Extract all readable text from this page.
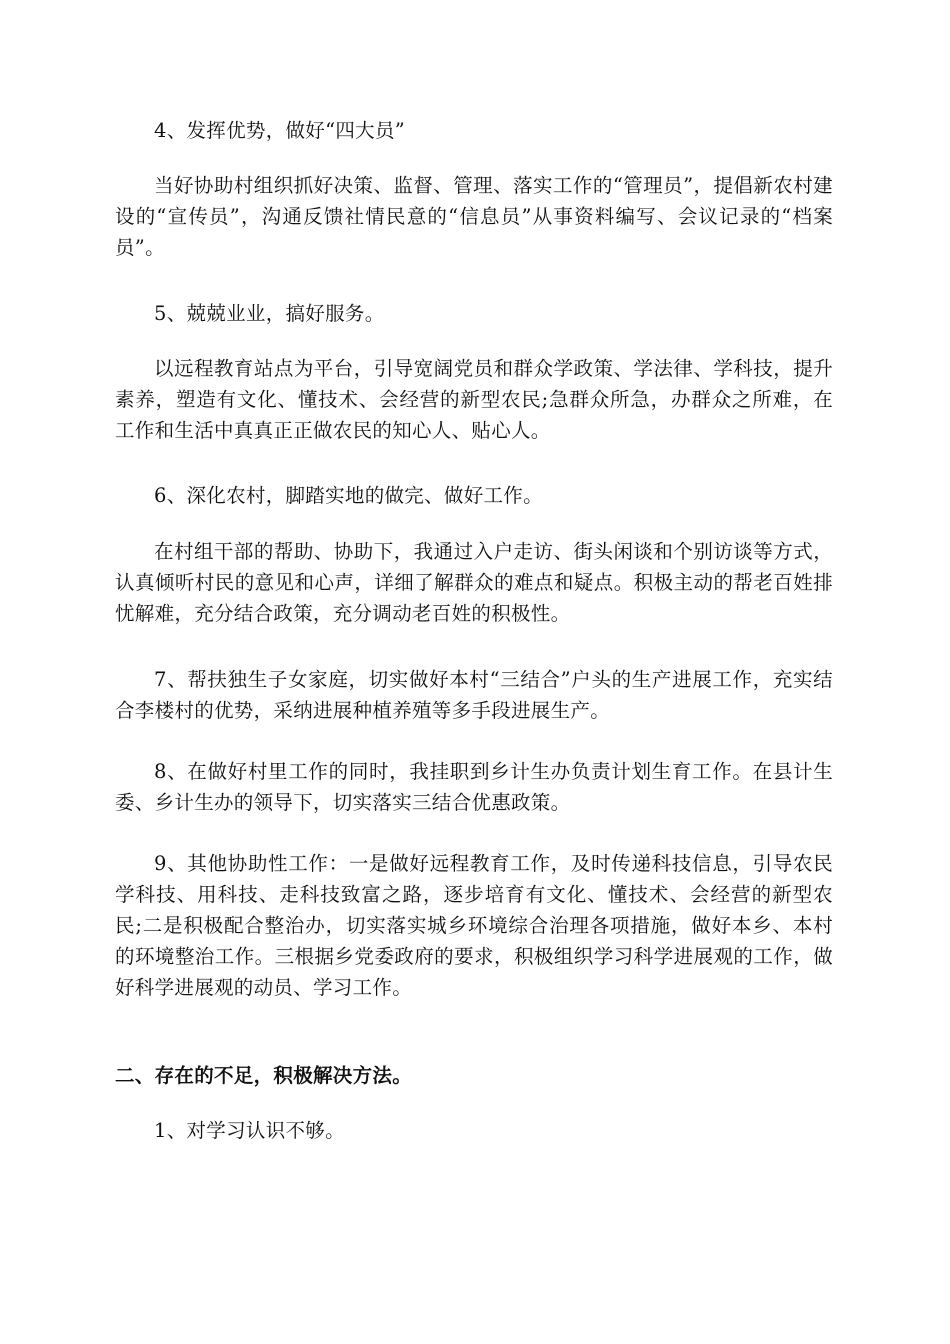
4、发挥优势，做好“四大员”

当好协助村组织抓好决策、监督、管理、落实工作的“管理员”，提倡新农村建设的“宣传员”，沟通反馈社情民意的“信息员”从事资料编写、会议记录的“档案员”。

5、兢兢业业，搞好服务。

以远程教育站点为平台，引导宽阔党员和群众学政策、学法律、学科技，提升素养，塑造有文化、懂技术、会经营的新型农民;急群众所急，办群众之所难，在工作和生活中真真正正做农民的知心人、贴心人。

6、深化农村，脚踏实地的做完、做好工作。

在村组干部的帮助、协助下，我通过入户走访、街头闲谈和个别访谈等方式，认真倾听村民的意见和心声，详细了解群众的难点和疑点。积极主动的帮老百姓排忧解难，充分结合政策，充分调动老百姓的积极性。

7、帮扶独生子女家庭，切实做好本村“三结合”户头的生产进展工作，充实结合李楼村的优势，采纳进展种植养殖等多手段进展生产。

8、在做好村里工作的同时，我挂职到乡计生办负责计划生育工作。在县计生委、乡计生办的领导下，切实落实三结合优惠政策。

9、其他协助性工作：一是做好远程教育工作，及时传递科技信息，引导农民学科技、用科技、走科技致富之路，逐步培育有文化、懂技术、会经营的新型农民;二是积极配合整治办，切实落实城乡环境综合治理各项措施，做好本乡、本村的环境整治工作。三根据乡党委政府的要求，积极组织学习科学进展观的工作，做好科学进展观的动员、学习工作。

二、存在的不足，积极解决方法。

1、对学习认识不够。
